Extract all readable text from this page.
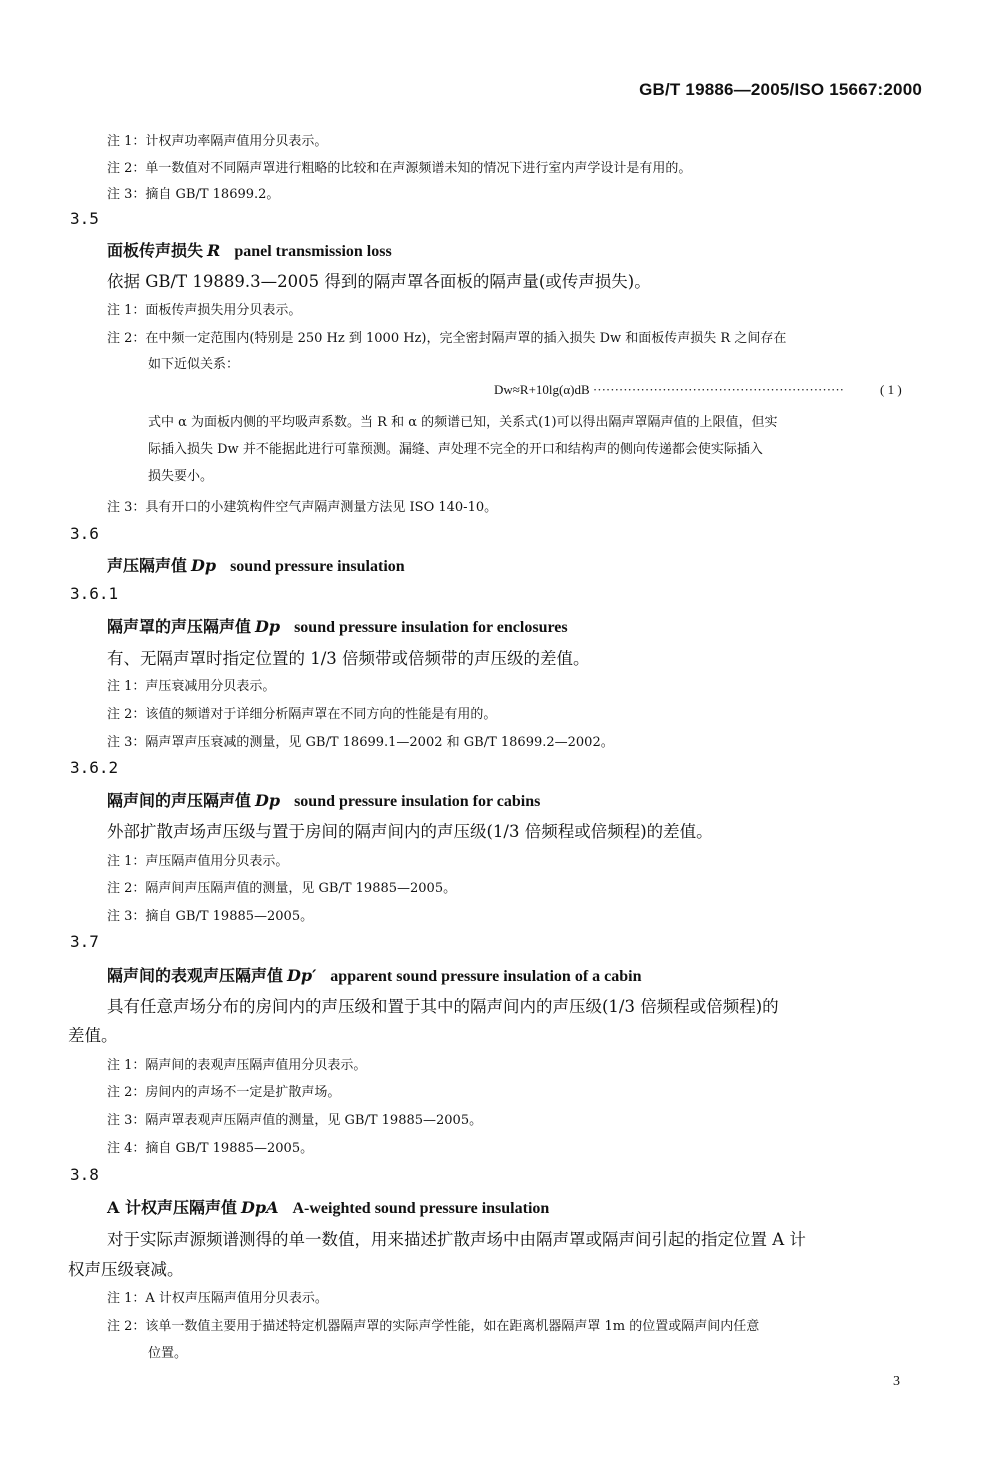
GB/T 19886—2005/ISO 15667:2000
注 1：计权声功率隔声值用分贝表示。
注 2：单一数值对不同隔声罩进行粗略的比较和在声源频谱未知的情况下进行室内声学设计是有用的。
注 3：摘自 GB/T 18699.2。
3.5
面板传声损失 R panel transmission loss
依据 GB/T 19889.3—2005 得到的隔声罩各面板的隔声量(或传声损失)。
注 1：面板传声损失用分贝表示。
注 2：在中频一定范围内(特别是 250 Hz 到 1000 Hz)，完全密封隔声罩的插入损失 Dw 和面板传声损失 R 之间存在
如下近似关系：
Dw≈R+10lg(α)dB ··························································	( 1 )
式中 α 为面板内侧的平均吸声系数。当 R 和 α 的频谱已知，关系式(1)可以得出隔声罩隔声值的上限值，但实
际插入损失 Dw 并不能据此进行可靠预测。漏缝、声处理不完全的开口和结构声的侧向传递都会使实际插入
损失要小。
注 3：具有开口的小建筑构件空气声隔声测量方法见 ISO 140-10。
3.6
声压隔声值 Dp sound pressure insulation
3.6.1
隔声罩的声压隔声值 Dp sound pressure insulation for enclosures
有、无隔声罩时指定位置的 1/3 倍频带或倍频带的声压级的差值。
注 1：声压衰减用分贝表示。
注 2：该值的频谱对于详细分析隔声罩在不同方向的性能是有用的。
注 3：隔声罩声压衰减的测量，见 GB/T 18699.1—2002 和 GB/T 18699.2—2002。
3.6.2
隔声间的声压隔声值 Dp sound pressure insulation for cabins
外部扩散声场声压级与置于房间的隔声间内的声压级(1/3 倍频程或倍频程)的差值。
注 1：声压隔声值用分贝表示。
注 2：隔声间声压隔声值的测量，见 GB/T 19885—2005。
注 3：摘自 GB/T 19885—2005。
3.7
隔声间的表观声压隔声值 Dp′ apparent sound pressure insulation of a cabin
具有任意声场分布的房间内的声压级和置于其中的隔声间内的声压级(1/3 倍频程或倍频程)的
差值。
注 1：隔声间的表观声压隔声值用分贝表示。
注 2：房间内的声场不一定是扩散声场。
注 3：隔声罩表观声压隔声值的测量，见 GB/T 19885—2005。
注 4：摘自 GB/T 19885—2005。
3.8
A 计权声压隔声值 DpA A-weighted sound pressure insulation
对于实际声源频谱测得的单一数值，用来描述扩散声场中由隔声罩或隔声间引起的指定位置 A 计
权声压级衰减。
注 1：A 计权声压隔声值用分贝表示。
注 2：该单一数值主要用于描述特定机器隔声罩的实际声学性能，如在距离机器隔声罩 1m 的位置或隔声间内任意
位置。
3
